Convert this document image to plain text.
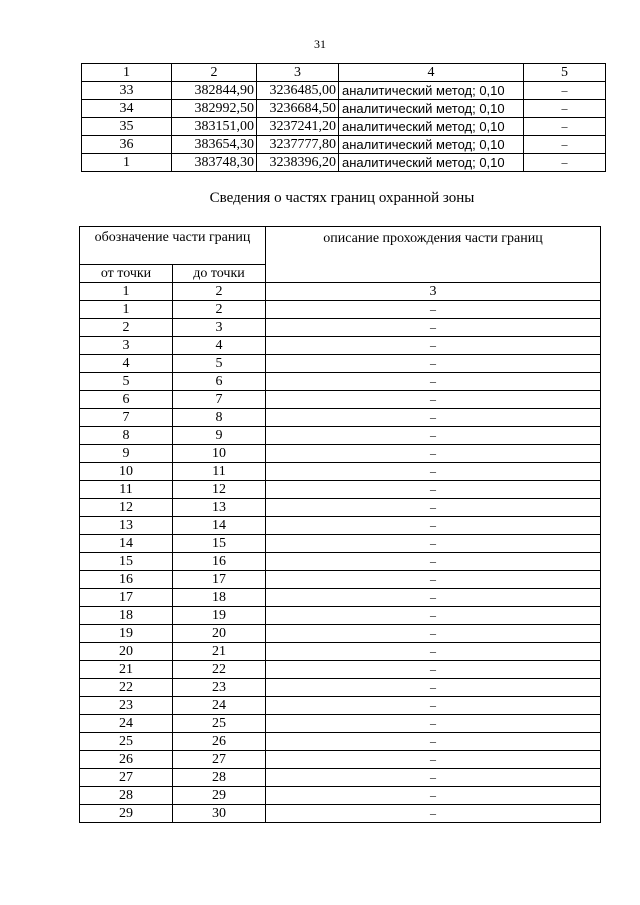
31
1	2	3	4	5
33	382844,90	3236485,00	аналитический метод; 0,10	–
34	382992,50	3236684,50	аналитический метод; 0,10	–
35	383151,00	3237241,20	аналитический метод; 0,10	–
36	383654,30	3237777,80	аналитический метод; 0,10	–
1	383748,30	3238396,20	аналитический метод; 0,10	–
Сведения о частях границ охранной зоны
обозначение части границ		описание прохождения части границ
от точки	до точки	
1	2	3
1	2	–
2	3	–
3	4	–
4	5	–
5	6	–
6	7	–
7	8	–
8	9	–
9	10	–
10	11	–
11	12	–
12	13	–
13	14	–
14	15	–
15	16	–
16	17	–
17	18	–
18	19	–
19	20	–
20	21	–
21	22	–
22	23	–
23	24	–
24	25	–
25	26	–
26	27	–
27	28	–
28	29	–
29	30	–
